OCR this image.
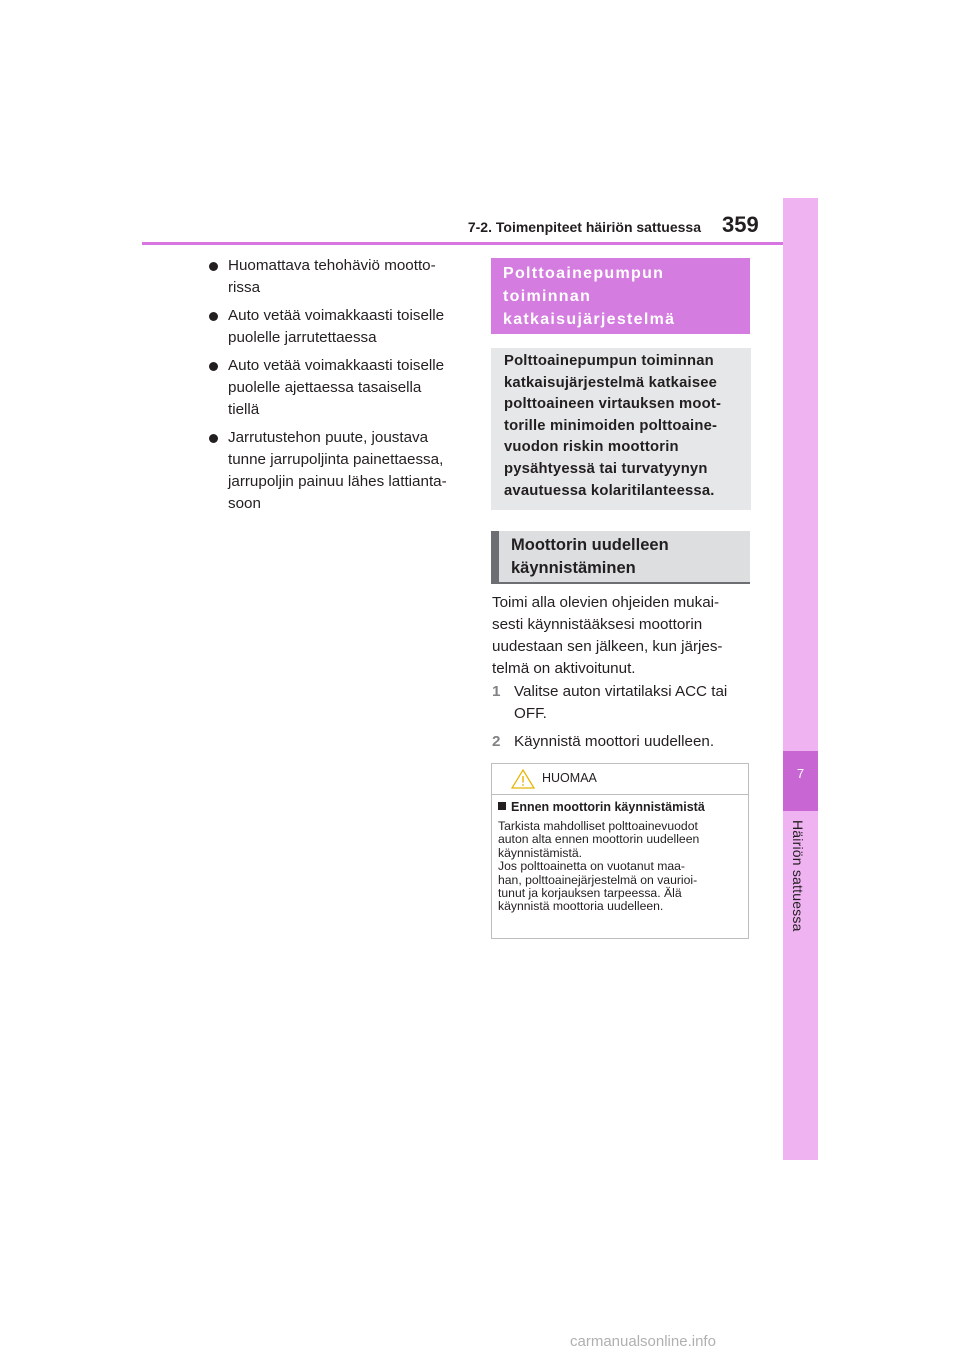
7
Häiriön sattuessa
7-2. Toimenpiteet häiriön sattuessa 359
Huomattava tehohäviö mootto-
rissa
Auto vetää voimakkaasti toiselle
puolelle jarrutettaessa
Auto vetää voimakkaasti toiselle
puolelle ajettaessa tasaisella
tiellä
Jarrutustehon puute, joustava
tunne jarrupoljinta painettaessa,
jarrupoljin painuu lähes lattianta-
soon
Polttoainepumpun
toiminnan
katkaisujärjestelmä

Polttoainepumpun toiminnan
katkaisujärjestelmä katkaisee
polttoaineen virtauksen moot-
torille minimoiden polttoaine-
vuodon riskin moottorin
pysähtyessä tai turvatyynyn
avautuessa kolaritilanteessa.

Moottorin uudelleen
käynnistäminen

Toimi alla olevien ohjeiden mukai-
sesti käynnistääksesi moottorin
uudestaan sen jälkeen, kun järjes-
telmä on aktivoitunut.

1 Valitse auton virtatilaksi ACC tai
OFF.
2 Käynnistä moottori uudelleen.
HUOMAA
Ennen moottorin käynnistämistä

Tarkista mahdolliset polttoainevuodot

auton alta ennen moottorin uudelleen

käynnistämistä.

Jos polttoainetta on vuotanut maa-

han, polttoainejärjestelmä on vaurioi-

tunut ja korjauksen tarpeessa. Älä

käynnistä moottoria uudelleen.

carmanualsonline.info
